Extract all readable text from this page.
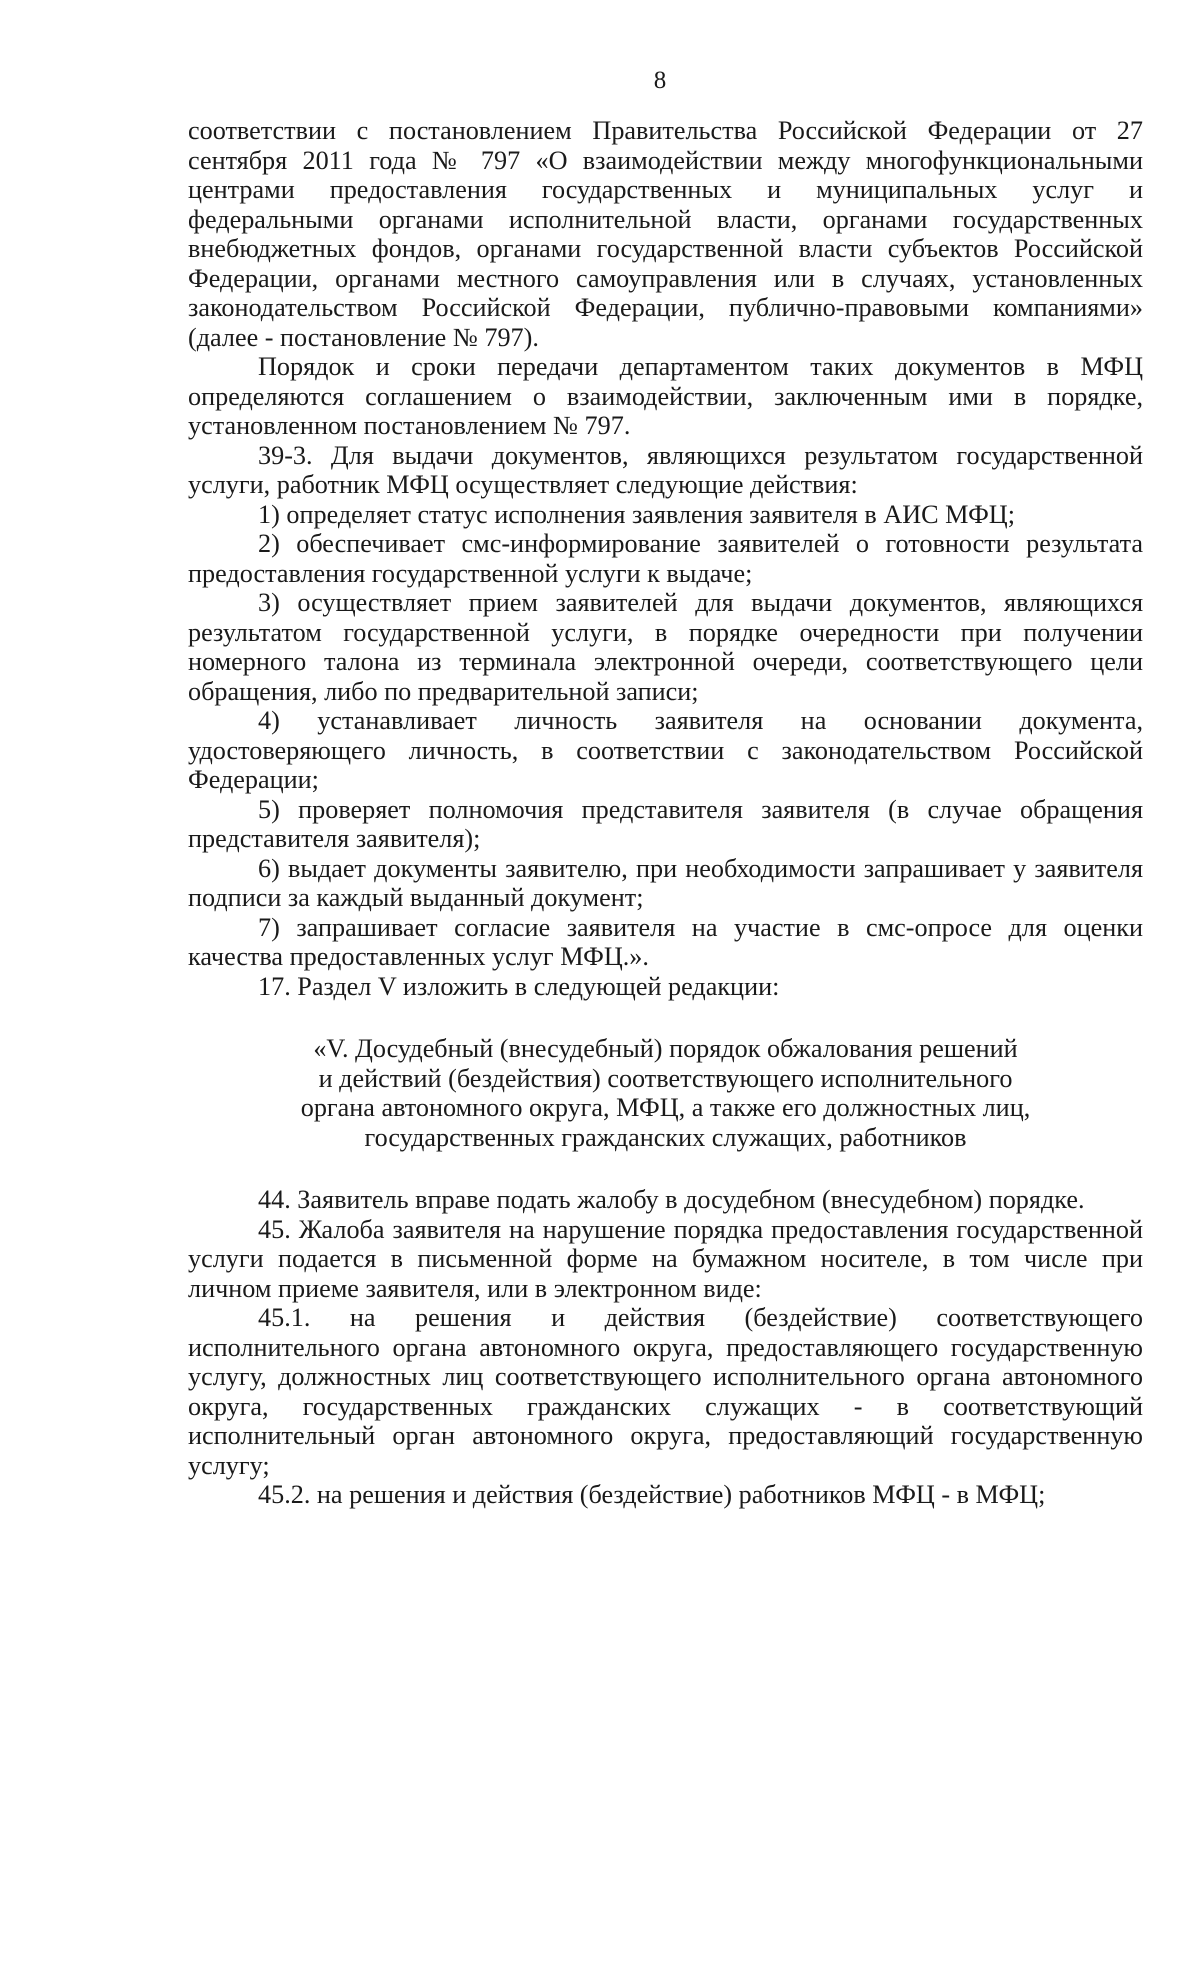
8

соответствии с постановлением Правительства Российской Федерации от 27 сентября 2011 года № 797 «О взаимодействии между многофункциональными центрами предоставления государственных и муниципальных услуг и федеральными органами исполнительной власти, органами государственных внебюджетных фондов, органами государственной власти субъектов Российской Федерации, органами местного самоуправления или в случаях, установленных законодательством Российской Федерации, публично-правовыми компаниями» (далее - постановление № 797).

Порядок и сроки передачи департаментом таких документов в МФЦ определяются соглашением о взаимодействии, заключенным ими в порядке, установленном постановлением № 797.

39-3. Для выдачи документов, являющихся результатом государственной услуги, работник МФЦ осуществляет следующие действия:

1) определяет статус исполнения заявления заявителя в АИС МФЦ;

2) обеспечивает смс-информирование заявителей о готовности результата предоставления государственной услуги к выдаче;

3) осуществляет прием заявителей для выдачи документов, являющихся результатом государственной услуги, в порядке очередности при получении номерного талона из терминала электронной очереди, соответствующего цели обращения, либо по предварительной записи;

4) устанавливает личность заявителя на основании документа, удостоверяющего личность, в соответствии с законодательством Российской Федерации;

5) проверяет полномочия представителя заявителя (в случае обращения представителя заявителя);

6) выдает документы заявителю, при необходимости запрашивает у заявителя подписи за каждый выданный документ;

7) запрашивает согласие заявителя на участие в смс-опросе для оценки качества предоставленных услуг МФЦ.».

17. Раздел V изложить в следующей редакции:

«V. Досудебный (внесудебный) порядок обжалования решений
и действий (бездействия) соответствующего исполнительного
органа автономного округа, МФЦ, а также его должностных лиц,
государственных гражданских служащих, работников

44. Заявитель вправе подать жалобу в досудебном (внесудебном) порядке.

45. Жалоба заявителя на нарушение порядка предоставления государственной услуги подается в письменной форме на бумажном носителе, в том числе при личном приеме заявителя, или в электронном виде:

45.1. на решения и действия (бездействие) соответствующего исполнительного органа автономного округа, предоставляющего государственную услугу, должностных лиц соответствующего исполнительного органа автономного округа, государственных гражданских служащих - в соответствующий исполнительный орган автономного округа, предоставляющий государственную услугу;

45.2. на решения и действия (бездействие) работников МФЦ - в МФЦ;
